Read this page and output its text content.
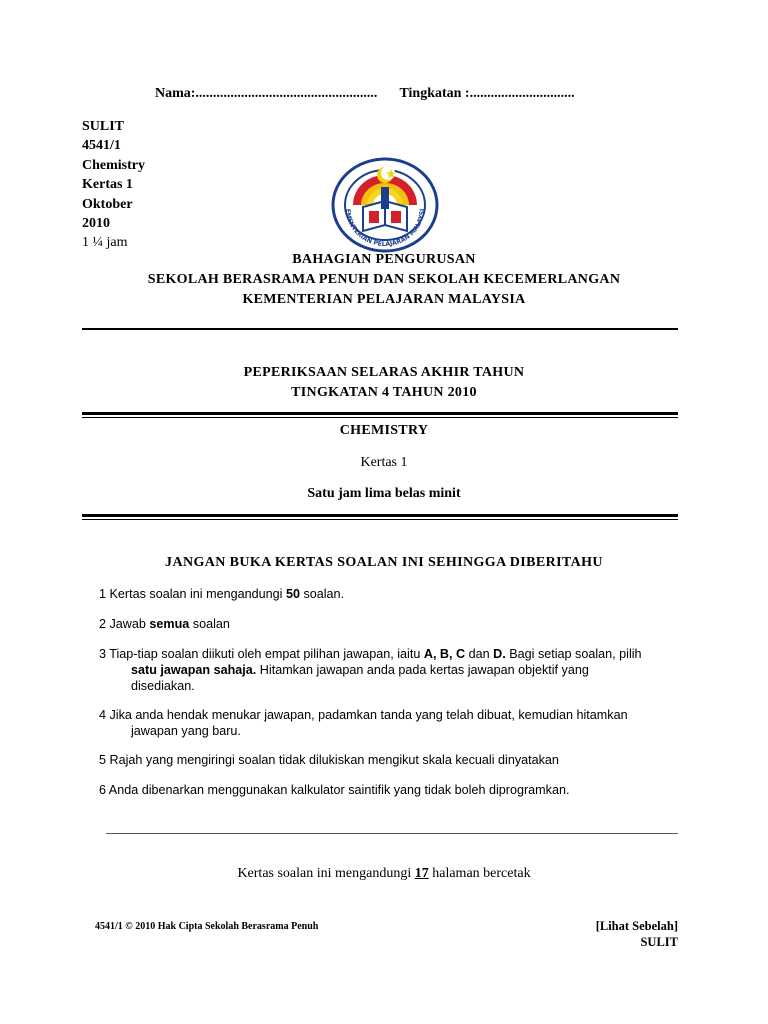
Nama:.................................................... Tingkatan :..............................
SULIT
4541/1
Chemistry
Kertas 1
Oktober
2010
1 ¼ jam
EMENTERIAN PELAJARAN MALAYSI
BAHAGIAN PENGURUSAN
SEKOLAH BERASRAMA PENUH DAN SEKOLAH KECEMERLANGAN
KEMENTERIAN PELAJARAN MALAYSIA
PEPERIKSAAN SELARAS AKHIR TAHUN
TINGKATAN 4 TAHUN 2010
CHEMISTRY
Kertas 1
Satu jam lima belas minit
JANGAN BUKA KERTAS SOALAN INI SEHINGGA DIBERITAHU
1 Kertas soalan ini mengandungi 50 soalan.
2 Jawab semua soalan
3 Tiap-tiap soalan diikuti oleh empat pilihan jawapan, iaitu A, B, C dan D. Bagi setiap soalan, pilih
satu jawapan sahaja. Hitamkan jawapan anda pada kertas jawapan objektif yang
disediakan.
4 Jika anda hendak menukar jawapan, padamkan tanda yang telah dibuat, kemudian hitamkan
jawapan yang baru.
5 Rajah yang mengiringi soalan tidak dilukiskan mengikut skala kecuali dinyatakan
6 Anda dibenarkan menggunakan kalkulator saintifik yang tidak boleh diprogramkan.
Kertas soalan ini mengandungi 17 halaman bercetak
4541/1 © 2010 Hak Cipta Sekolah Berasrama Penuh	[Lihat Sebelah]
SULIT
